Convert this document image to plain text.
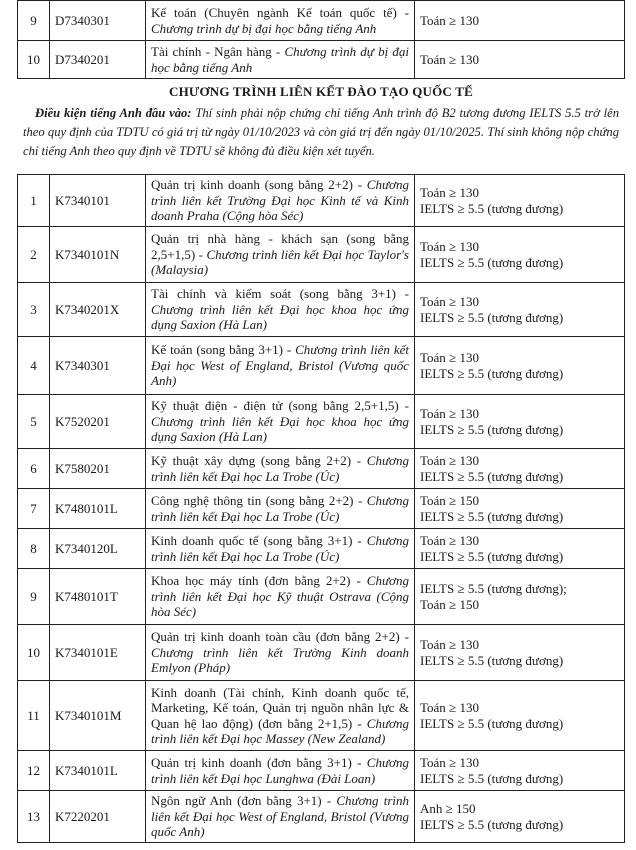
9	D7340301	Kế toán (Chuyên ngành Kế toán quốc tế) - Chương trình dự bị đại học bằng tiếng Anh	Toán ≥ 130

10	D7340201	Tài chính - Ngân hàng - Chương trình dự bị đại học bằng tiếng Anh	Toán ≥ 130
CHƯƠNG TRÌNH LIÊN KẾT ĐÀO TẠO QUỐC TẾ
Điều kiện tiếng Anh đầu vào: Thí sinh phải nộp chứng chỉ tiếng Anh trình độ B2 tương đương IELTS 5.5 trở lên theo quy định của TDTU có giá trị từ ngày 01/10/2023 và còn giá trị đến ngày 01/10/2025. Thí sinh không nộp chứng chỉ tiếng Anh theo quy định về TDTU sẽ không đủ điều kiện xét tuyển.
1	K7340101	Quản trị kinh doanh (song bằng 2+2) - Chương trình liên kết Trường Đại học Kinh tế và Kinh doanh Praha (Cộng hòa Séc)	Toán ≥ 130
IELTS ≥ 5.5 (tương đương)

2	K7340101N	Quản trị nhà hàng - khách sạn (song bằng 2,5+1,5) - Chương trình liên kết Đại học Taylor's (Malaysia)	Toán ≥ 130
IELTS ≥ 5.5 (tương đương)

3	K7340201X	Tài chính và kiểm soát (song bằng 3+1) - Chương trình liên kết Đại học khoa học ứng dụng Saxion (Hà Lan)	Toán ≥ 130
IELTS ≥ 5.5 (tương đương)

4	K7340301	Kế toán (song bằng 3+1) - Chương trình liên kết Đại học West of England, Bristol (Vương quốc Anh)	Toán ≥ 130
IELTS ≥ 5.5 (tương đương)

5	K7520201	Kỹ thuật điện - điện tử (song bằng 2,5+1,5) - Chương trình liên kết Đại học khoa học ứng dụng Saxion (Hà Lan)	Toán ≥ 130
IELTS ≥ 5.5 (tương đương)

6	K7580201	Kỹ thuật xây dựng (song bằng 2+2) - Chương trình liên kết Đại học La Trobe (Úc)	Toán ≥ 130
IELTS ≥ 5.5 (tương đương)

7	K7480101L	Công nghệ thông tin (song bằng 2+2) - Chương trình liên kết Đại học La Trobe (Úc)	Toán ≥ 150
IELTS ≥ 5.5 (tương đương)

8	K7340120L	Kinh doanh quốc tế (song bằng 3+1) - Chương trình liên kết Đại học La Trobe (Úc)	Toán ≥ 130
IELTS ≥ 5.5 (tương đương)

9	K7480101T	Khoa học máy tính (đơn bằng 2+2) - Chương trình liên kết Đại học Kỹ thuật Ostrava (Cộng hòa Séc)	IELTS ≥ 5.5 (tương đương);
Toán ≥ 150

10	K7340101E	Quản trị kinh doanh toàn cầu (đơn bằng 2+2) - Chương trình liên kết Trường Kinh doanh Emlyon (Pháp)	Toán ≥ 130
IELTS ≥ 5.5 (tương đương)

11	K7340101M	Kinh doanh (Tài chính, Kinh doanh quốc tế, Marketing, Kế toán, Quản trị nguồn nhân lực & Quan hệ lao động) (đơn bằng 2+1,5) - Chương trình liên kết Đại học Massey (New Zealand)	Toán ≥ 130
IELTS ≥ 5.5 (tương đương)

12	K7340101L	Quản trị kinh doanh (đơn bằng 3+1) - Chương trình liên kết Đại học Lunghwa (Đài Loan)	Toán ≥ 130
IELTS ≥ 5.5 (tương đương)

13	K7220201	Ngôn ngữ Anh (đơn bằng 3+1) - Chương trình liên kết Đại học West of England, Bristol (Vương quốc Anh)	Anh ≥ 150
IELTS ≥ 5.5 (tương đương)
